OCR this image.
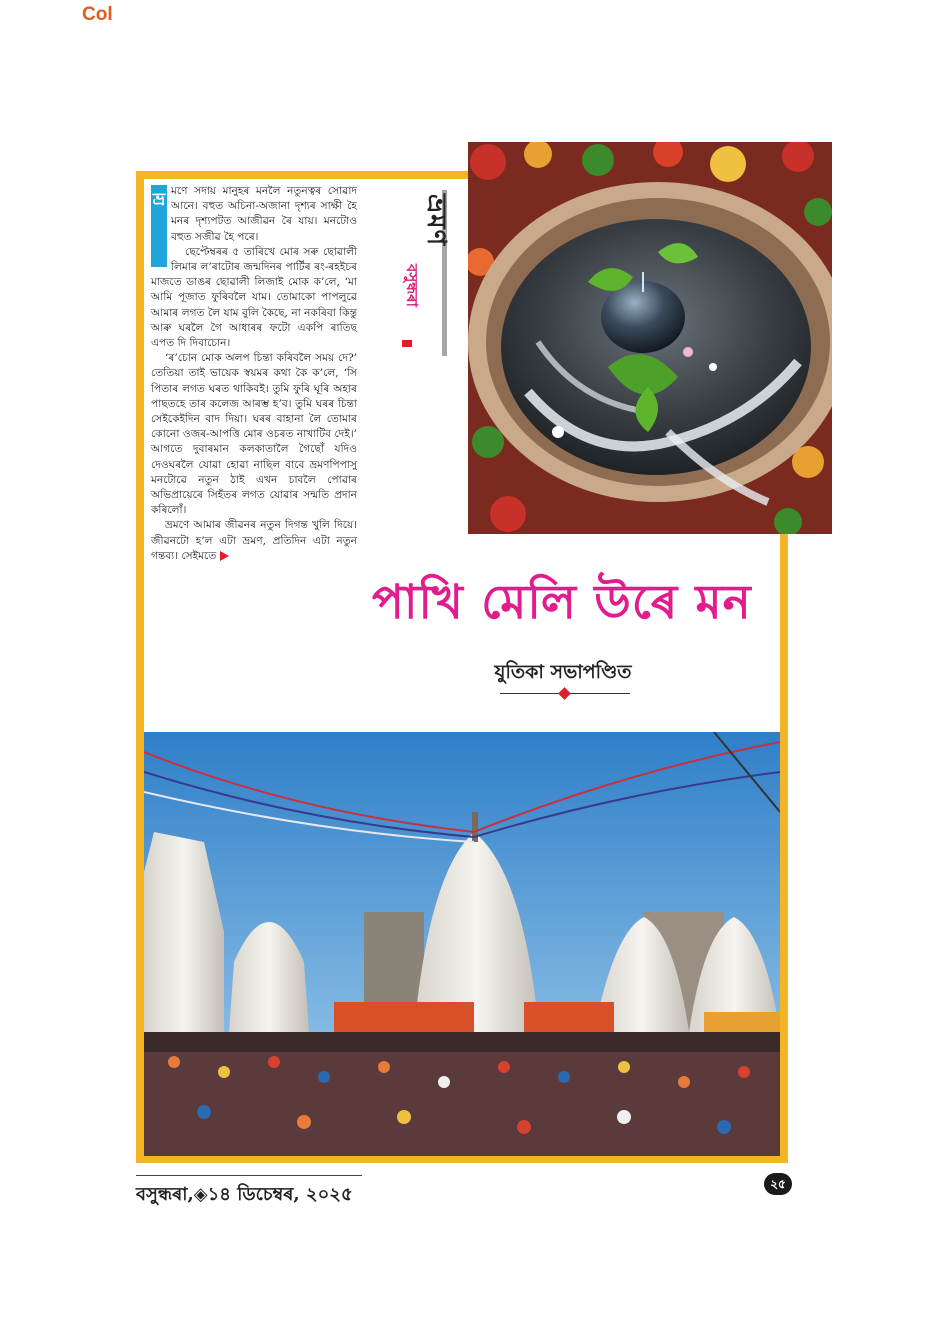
Col
ভ্ৰ মণে সদায় মানুহৰ মনলৈ নতুনত্বৰ সোৱাদ আনে। বহুত অচিনা-অজানা দৃশ্যৰ সাক্ষী হৈ মনৰ দৃশ্যপটত আজীৱন ৰৈ যায়। মনটোও বহুত সজীৱ হৈ পৰে।

ছেপ্টেম্বৰৰ ৫ তাৰিখে মোৰ সৰু ছোৱালী লিমাৰ ল’ৰাটোৰ জন্মদিনৰ পাৰ্টিৰ ৰং-ৰহইচৰ মাজতে ডাঙৰ ছোৱালী লিজাই মোক ক’লে, ‘মা আমি পূজাত ফুৰিবলৈ যাম। তোমাকো পাপলুৱে আমাৰ লগত লৈ যাম বুলি কৈছে, না নকৰিবা কিন্তু আৰু ঘৰলৈ গৈ আধাৰৰ ফটো একপি ৰাতিছ এপত দি দিবাচোন।

‘ৰ’চোন মোক অলপ চিন্তা কৰিবলৈ সময় দে?’ তেতিয়া তাই ভায়েক স্বয়মৰ কথা কৈ ক’লে, ‘সি পিতাৰ লগত ঘৰত থাকিবই। তুমি ফুৰি ঘূৰি অহাৰ পাছতহে তাৰ কলেজ আৰম্ভ হ’ব। তুমি ঘৰৰ চিন্তা সেইকেইদিন বাদ দিয়া। ঘৰৰ বাহানা লৈ তোমাৰ কোনো ওজৰ-আপত্তি মোৰ ওচৰত নাখাটিব দেই।’ আগতে দুবাৰমান কলকাতালৈ গৈছোঁ যদিও দেওঘৰলৈ যোৱা হোৱা নাছিল বাবে ভ্ৰমণপিপাসু মনটোৱে নতুন ঠাই এখন চাবলৈ পোৱাৰ অভিপ্ৰায়েৰে সিহঁতৰ লগত যোৱাৰ সন্মতি প্ৰদান কৰিলোঁ।

ভ্ৰমণে আমাৰ জীৱনৰ নতুন দিগন্ত খুলি দিয়ে। জীৱনটো হ’ল এটা ভ্ৰমণ, প্ৰতিদিন এটা নতুন গন্তব্য। সেইমতে

ভ্ৰমণ
বসুন্ধৰা
পাখি মেলি উৰে মন
যুতিকা সভাপণ্ডিত
বসুন্ধৰা,◈১৪ ডিচেম্বৰ, ২০২৫	২৫
